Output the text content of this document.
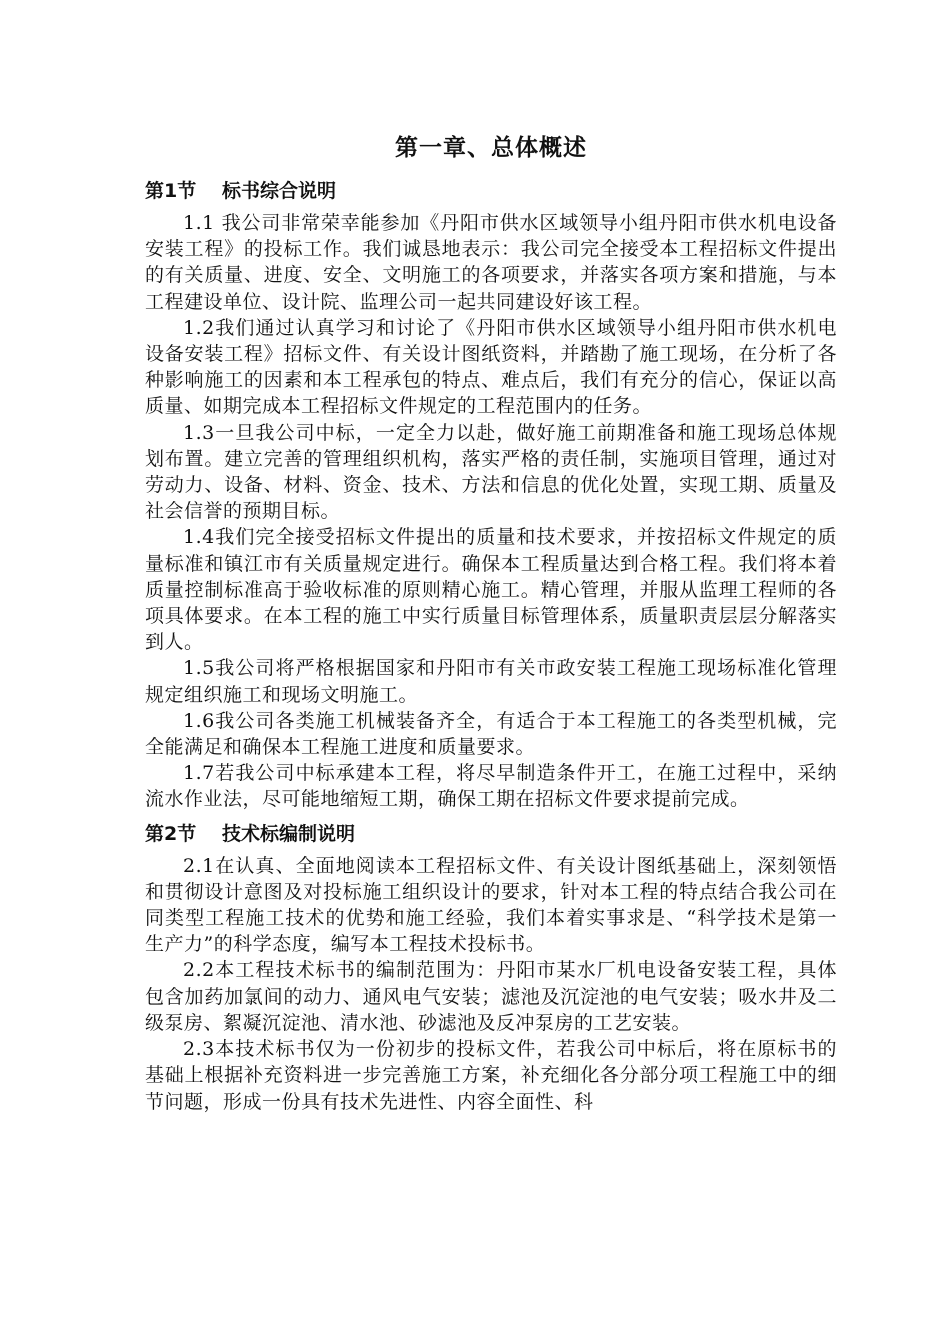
第一章、总体概述
第1节 标书综合说明

1.1 我公司非常荣幸能参加《丹阳市供水区域领导小组丹阳市供水机电设备安装工程》的投标工作。我们诚恳地表示：我公司完全接受本工程招标文件提出的有关质量、进度、安全、文明施工的各项要求，并落实各项方案和措施，与本工程建设单位、设计院、监理公司一起共同建设好该工程。

1.2我们通过认真学习和讨论了《丹阳市供水区域领导小组丹阳市供水机电设备安装工程》招标文件、有关设计图纸资料，并踏勘了施工现场，在分析了各种影响施工的因素和本工程承包的特点、难点后，我们有充分的信心，保证以高质量、如期完成本工程招标文件规定的工程范围内的任务。

1.3一旦我公司中标，一定全力以赴，做好施工前期准备和施工现场总体规划布置。建立完善的管理组织机构，落实严格的责任制，实施项目管理，通过对劳动力、设备、材料、资金、技术、方法和信息的优化处置，实现工期、质量及社会信誉的预期目标。

1.4我们完全接受招标文件提出的质量和技术要求，并按招标文件规定的质量标准和镇江市有关质量规定进行。确保本工程质量达到合格工程。我们将本着质量控制标准高于验收标准的原则精心施工。精心管理，并服从监理工程师的各项具体要求。在本工程的施工中实行质量目标管理体系，质量职责层层分解落实到人。

1.5我公司将严格根据国家和丹阳市有关市政安装工程施工现场标准化管理规定组织施工和现场文明施工。

1.6我公司各类施工机械装备齐全，有适合于本工程施工的各类型机械，完全能满足和确保本工程施工进度和质量要求。

1.7若我公司中标承建本工程，将尽早制造条件开工，在施工过程中，采纳流水作业法，尽可能地缩短工期，确保工期在招标文件要求提前完成。

第2节 技术标编制说明

2.1在认真、全面地阅读本工程招标文件、有关设计图纸基础上，深刻领悟和贯彻设计意图及对投标施工组织设计的要求，针对本工程的特点结合我公司在同类型工程施工技术的优势和施工经验，我们本着实事求是、“科学技术是第一生产力”的科学态度，编写本工程技术投标书。

2.2本工程技术标书的编制范围为：丹阳市某水厂机电设备安装工程，具体包含加药加氯间的动力、通风电气安装；滤池及沉淀池的电气安装；吸水井及二级泵房、絮凝沉淀池、清水池、砂滤池及反冲泵房的工艺安装。

2.3本技术标书仅为一份初步的投标文件，若我公司中标后，将在原标书的基础上根据补充资料进一步完善施工方案，补充细化各分部分项工程施工中的细节问题，形成一份具有技术先进性、内容全面性、科
